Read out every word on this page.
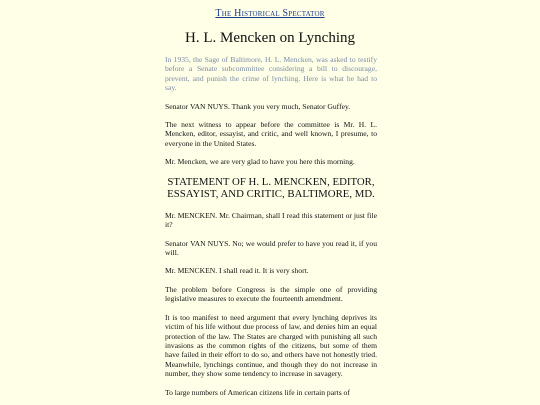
The Historical Spectator
H. L. Mencken on Lynching

In 1935, the Sage of Baltimore, H. L. Mencken, was asked to testify before a Senate subcommittee considering a bill to discourage, prevent, and punish the crime of lynching. Here is what he had to say.

Senator VAN NUYS. Thank you very much, Senator Guffey.

The next witness to appear before the committee is Mr. H. L. Mencken, editor, essayist, and critic, and well known, I presume, to everyone in the United States.

Mr. Mencken, we are very glad to have you here this morning.

STATEMENT OF H. L. MENCKEN, EDITOR, ESSAYIST, AND CRITIC, BALTIMORE, MD.

Mr. MENCKEN. Mr. Chairman, shall I read this statement or just file it?

Senator VAN NUYS. No; we would prefer to have you read it, if you will.

Mr. MENCKEN. I shall read it. It is very short.

The problem before Congress is the simple one of providing legislative measures to execute the fourteenth amendment.

It is too manifest to need argument that every lynching deprives its victim of his life without due process of law, and denies him an equal protection of the law. The States are charged with punishing all such invasions as the common rights of the citizens, but some of them have failed in their effort to do so, and others have not honestly tried. Meanwhile, lynchings continue, and though they do not increase in number, they show some tendency to increase in savagery.

To large numbers of American citizens life in certain parts of
